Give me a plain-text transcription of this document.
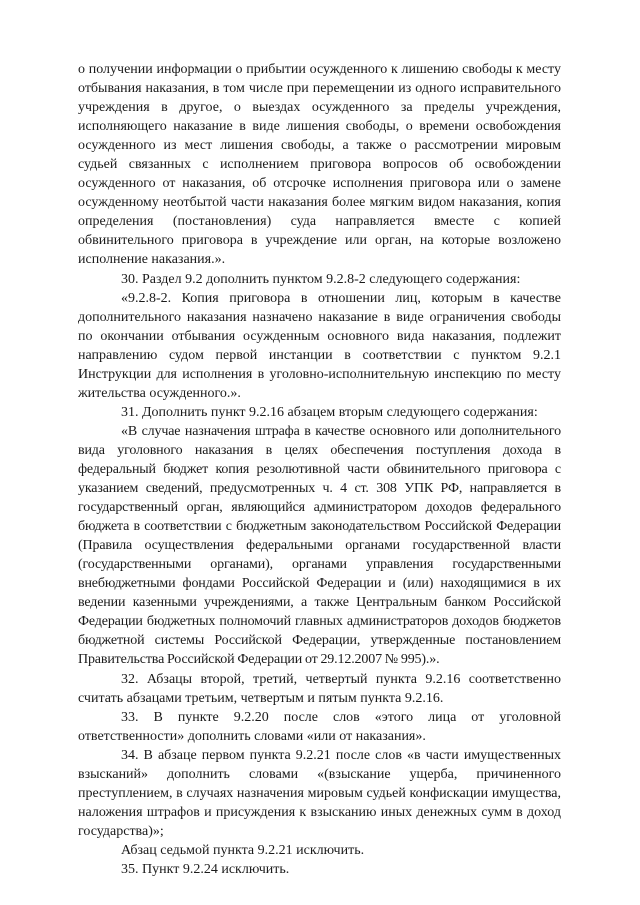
о получении информации о прибытии осужденного к лишению свободы к месту отбывания наказания, в том числе при перемещении из одного исправительного учреждения в другое, о выездах осужденного за пределы учреждения, исполняющего наказание в виде лишения свободы, о времени освобождения осужденного из мест лишения свободы, а также о рассмотрении мировым судьей связанных с исполнением приговора вопросов об освобождении осужденного от наказания, об отсрочке исполнения приговора или о замене осужденному неотбытой части наказания более мягким видом наказания, копия определения (постановления) суда направляется вместе с копией обвинительного приговора в учреждение или орган, на которые возложено исполнение наказания.».

30. Раздел 9.2 дополнить пунктом 9.2.8-2 следующего содержания:

«9.2.8-2. Копия приговора в отношении лиц, которым в качестве дополнительного наказания назначено наказание в виде ограничения свободы по окончании отбывания осужденным основного вида наказания, подлежит направлению судом первой инстанции в соответствии с пунктом 9.2.1 Инструкции для исполнения в уголовно-исполнительную инспекцию по месту жительства осужденного.».

31. Дополнить пункт 9.2.16 абзацем вторым следующего содержания:

«В случае назначения штрафа в качестве основного или дополнительного вида уголовного наказания в целях обеспечения поступления дохода в федеральный бюджет копия резолютивной части обвинительного приговора с указанием сведений, предусмотренных ч. 4 ст. 308 УПК РФ, направляется в государственный орган, являющийся администратором доходов федерального бюджета в соответствии с бюджетным законодательством Российской Федерации (Правила осуществления федеральными органами государственной власти (государственными органами), органами управления государственными внебюджетными фондами Российской Федерации и (или) находящимися в их ведении казенными учреждениями, а также Центральным банком Российской Федерации бюджетных полномочий главных администраторов доходов бюджетов бюджетной системы Российской Федерации, утвержденные постановлением Правительства Российской Федерации от 29.12.2007 № 995).».

32. Абзацы второй, третий, четвертый пункта 9.2.16 соответственно считать абзацами третьим, четвертым и пятым пункта 9.2.16.

33. В пункте 9.2.20 после слов «этого лица от уголовной ответственности» дополнить словами «или от наказания».

34. В абзаце первом пункта 9.2.21 после слов «в части имущественных взысканий» дополнить словами «(взыскание ущерба, причиненного преступлением, в случаях назначения мировым судьей конфискации имущества, наложения штрафов и присуждения к взысканию иных денежных сумм в доход государства)»;

Абзац седьмой пункта 9.2.21 исключить.

35. Пункт 9.2.24 исключить.
